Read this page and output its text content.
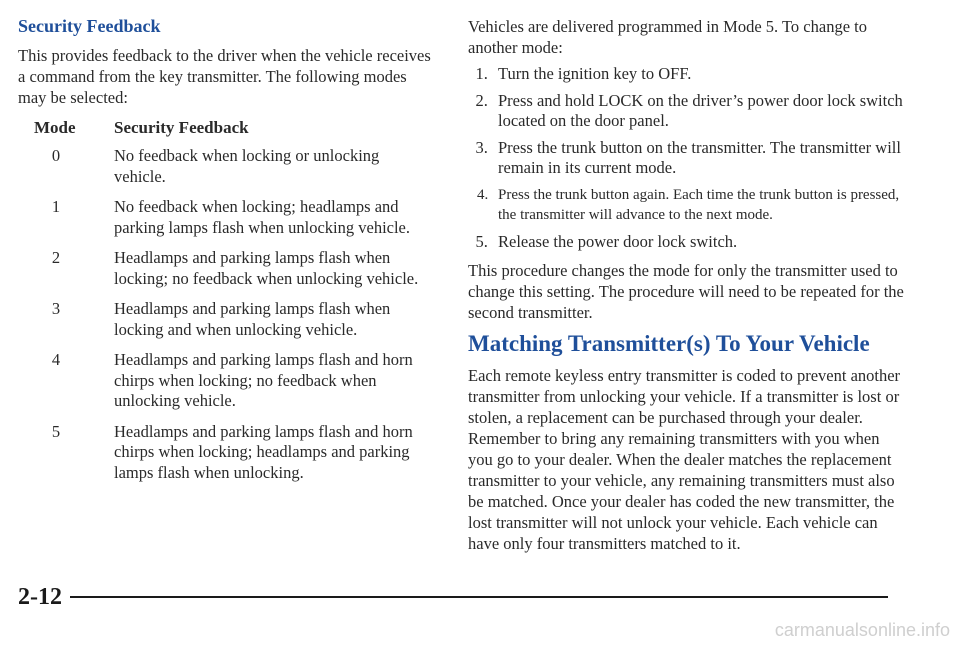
Security Feedback

This provides feedback to the driver when the vehicle receives a command from the key transmitter. The following modes may be selected:

Mode	Security Feedback
0	No feedback when locking or unlocking vehicle.
1	No feedback when locking; headlamps and parking lamps flash when unlocking vehicle.
2	Headlamps and parking lamps flash when locking; no feedback when unlocking vehicle.
3	Headlamps and parking lamps flash when locking and when unlocking vehicle.
4	Headlamps and parking lamps flash and horn chirps when locking; no feedback when unlocking vehicle.
5	Headlamps and parking lamps flash and horn chirps when locking; headlamps and parking lamps flash when unlocking.

Vehicles are delivered programmed in Mode 5. To change to another mode:

1. Turn the ignition key to OFF.
2. Press and hold LOCK on the driver’s power door lock switch located on the door panel.
3. Press the trunk button on the transmitter. The transmitter will remain in its current mode.
4. Press the trunk button again. Each time the trunk button is pressed, the transmitter will advance to the next mode.
5. Release the power door lock switch.

This procedure changes the mode for only the transmitter used to change this setting. The procedure will need to be repeated for the second transmitter.

Matching Transmitter(s) To Your Vehicle

Each remote keyless entry transmitter is coded to prevent another transmitter from unlocking your vehicle. If a transmitter is lost or stolen, a replacement can be purchased through your dealer. Remember to bring any remaining transmitters with you when you go to your dealer. When the dealer matches the replacement transmitter to your vehicle, any remaining transmitters must also be matched. Once your dealer has coded the new transmitter, the lost transmitter will not unlock your vehicle. Each vehicle can have only four transmitters matched to it.

2-12
carmanualsonline.info
